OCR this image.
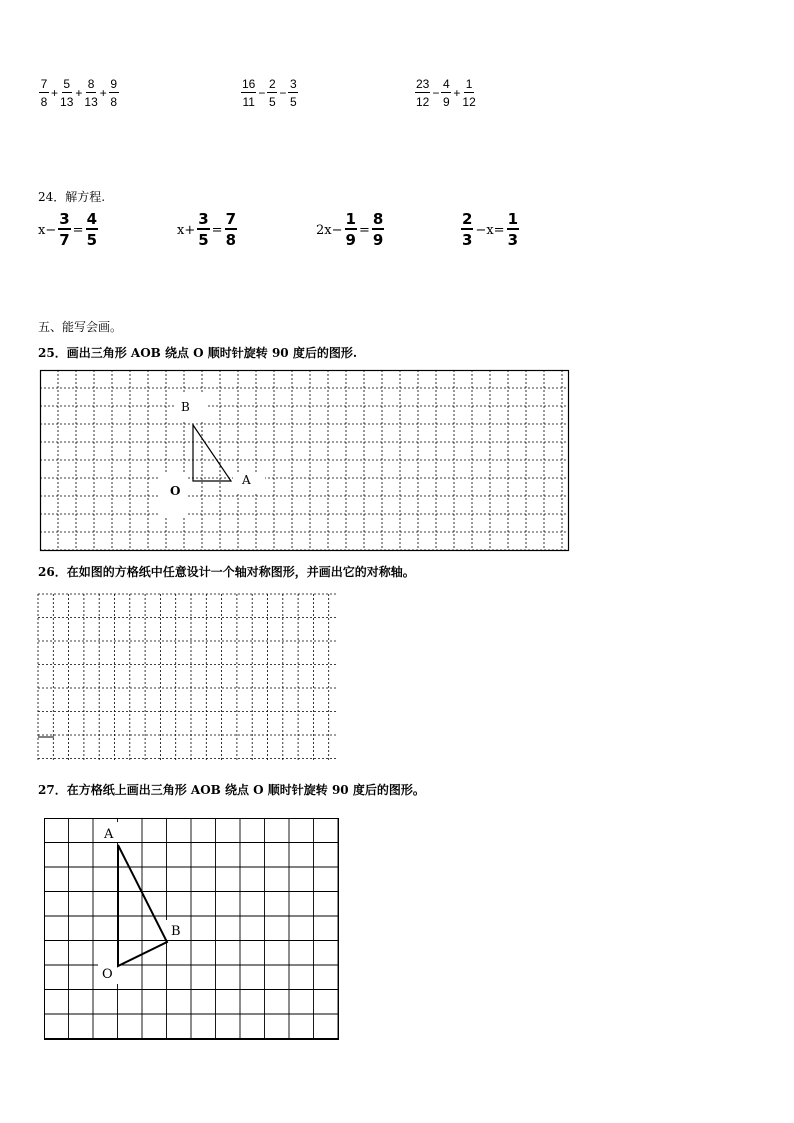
$\frac{7}{8} + \frac{5}{13} + \frac{8}{13} + \frac{9}{8}$	$\frac{16}{11} - \frac{2}{5} - \frac{3}{5}$	$\frac{23}{12} - \frac{4}{9} + \frac{1}{12}$
24．解方程.
$x- \frac{3}{7} = \frac{4}{5}$	$x+ \frac{3}{5} = \frac{7}{8}$	$2x- \frac{1}{9} = \frac{8}{9}$	$\frac{2}{3} -x= \frac{1}{3}$
五、能写会画。
25．画出三角形 AOB 绕点 O 顺时针旋转 90 度后的图形.
B
A
O
26．在如图的方格纸中任意设计一个轴对称图形，并画出它的对称轴。
27．在方格纸上画出三角形 AOB 绕点 O 顺时针旋转 90 度后的图形。
A
B
O
